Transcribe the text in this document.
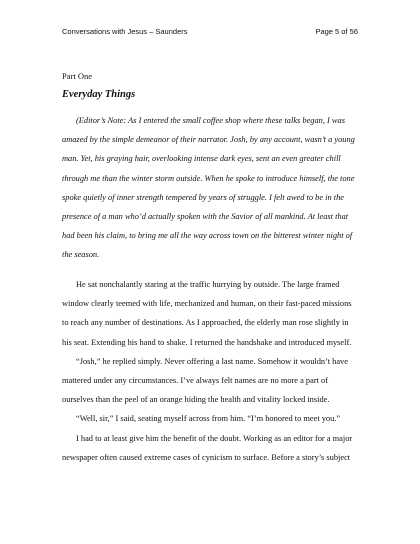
Conversations with Jesus – Saunders	Page 5 of 56
Part One
Everyday Things

(Editor’s Note: As I entered the small coffee shop where these talks began, I was amazed by the simple demeanor of their narrator. Josh, by any account, wasn’t a young man. Yet, his graying hair, overlooking intense dark eyes, sent an even greater chill through me than the winter storm outside. When he spoke to introduce himself, the tone spoke quietly of inner strength tempered by years of struggle. I felt awed to be in the presence of a man who’d actually spoken with the Savior of all mankind. At least that had been his claim, to bring me all the way across town on the bitterest winter night of the season.

He sat nonchalantly staring at the traffic hurrying by outside. The large framed window clearly teemed with life, mechanized and human, on their fast-paced missions to reach any number of destinations. As I approached, the elderly man rose slightly in his seat. Extending his hand to shake. I returned the handshake and introduced myself.

“Josh,” he replied simply. Never offering a last name. Somehow it wouldn’t have mattered under any circumstances. I’ve always felt names are no more a part of ourselves than the peel of an orange hiding the health and vitality locked inside.

“Well, sir,” I said, seating myself across from him. “I’m honored to meet you.”

I had to at least give him the benefit of the doubt. Working as an editor for a major newspaper often caused extreme cases of cynicism to surface. Before a story’s subject
